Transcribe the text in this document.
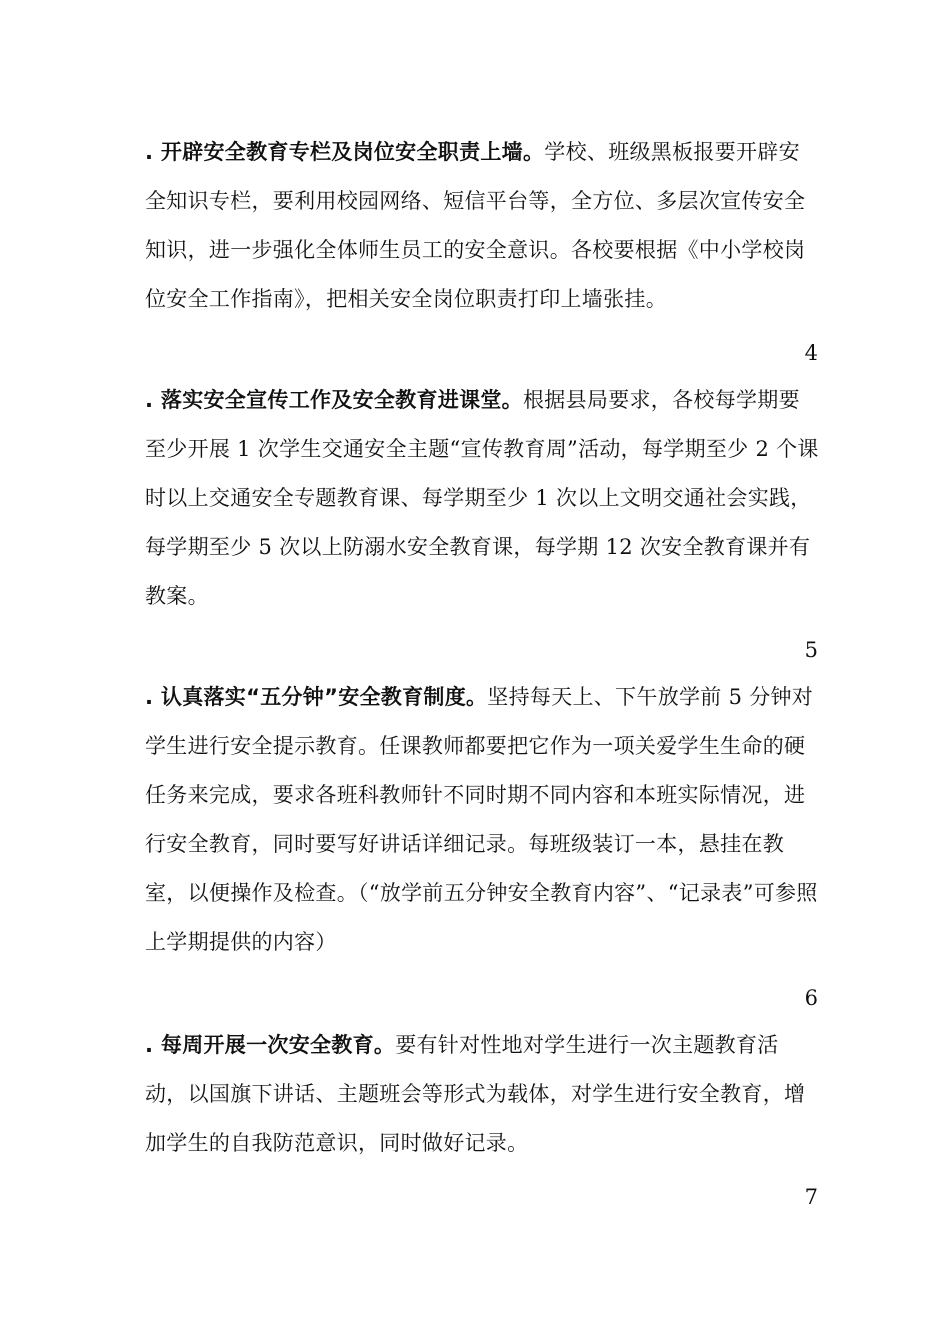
. 开辟安全教育专栏及岗位安全职责上墙。学校、班级黑板报要开辟安全知识专栏，要利用校园网络、短信平台等，全方位、多层次宣传安全知识，进一步强化全体师生员工的安全意识。各校要根据《中小学校岗位安全工作指南》，把相关安全岗位职责打印上墙张挂。

4

. 落实安全宣传工作及安全教育进课堂。根据县局要求，各校每学期要至少开展 1 次学生交通安全主题“宣传教育周”活动，每学期至少 2 个课时以上交通安全专题教育课、每学期至少 1 次以上文明交通社会实践，每学期至少 5 次以上防溺水安全教育课，每学期 12 次安全教育课并有教案。

5

. 认真落实“五分钟”安全教育制度。坚持每天上、下午放学前 5 分钟对学生进行安全提示教育。任课教师都要把它作为一项关爱学生生命的硬任务来完成，要求各班科教师针不同时期不同内容和本班实际情况，进行安全教育，同时要写好讲话详细记录。每班级装订一本，悬挂在教室，以便操作及检查。（“放学前五分钟安全教育内容”、“记录表”可参照上学期提供的内容）

6

. 每周开展一次安全教育。要有针对性地对学生进行一次主题教育活动，以国旗下讲话、主题班会等形式为载体，对学生进行安全教育，增加学生的自我防范意识，同时做好记录。

7
